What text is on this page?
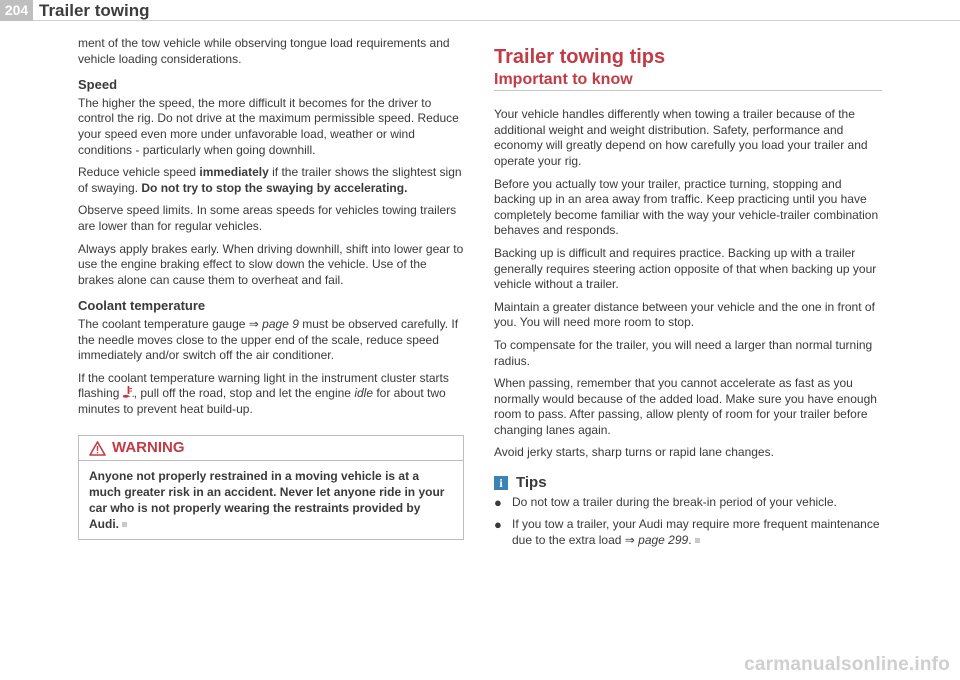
204 Trailer towing

ment of the tow vehicle while observing tongue load requirements and vehicle loading considerations.

Speed

The higher the speed, the more difficult it becomes for the driver to control the rig. Do not drive at the maximum permissible speed. Reduce your speed even more under unfavorable load, weather or wind conditions - particularly when going downhill.

Reduce vehicle speed immediately if the trailer shows the slightest sign of swaying. Do not try to stop the swaying by accelerating.

Observe speed limits. In some areas speeds for vehicles towing trailers are lower than for regular vehicles.

Always apply brakes early. When driving downhill, shift into lower gear to use the engine braking effect to slow down the vehicle. Use of the brakes alone can cause them to overheat and fail.

Coolant temperature

The coolant temperature gauge ⇒ page 9 must be observed carefully. If the needle moves close to the upper end of the scale, reduce speed immediately and/or switch off the air conditioner.

If the coolant temperature warning light in the instrument cluster starts flashing , pull off the road, stop and let the engine idle for about two minutes to prevent heat build-up.

WARNING
Anyone not properly restrained in a moving vehicle is at a much greater risk in an accident. Never let anyone ride in your car who is not properly wearing the restraints provided by Audi.
Trailer towing tips
Important to know

Your vehicle handles differently when towing a trailer because of the additional weight and weight distribution. Safety, performance and economy will greatly depend on how carefully you load your trailer and operate your rig.

Before you actually tow your trailer, practice turning, stopping and backing up in an area away from traffic. Keep practicing until you have completely become familiar with the way your vehicle-trailer combination behaves and responds.

Backing up is difficult and requires practice. Backing up with a trailer generally requires steering action opposite of that when backing up your vehicle without a trailer.

Maintain a greater distance between your vehicle and the one in front of you. You will need more room to stop.

To compensate for the trailer, you will need a larger than normal turning radius.

When passing, remember that you cannot accelerate as fast as you normally would because of the added load. Make sure you have enough room to pass. After passing, allow plenty of room for your trailer before changing lanes again.

Avoid jerky starts, sharp turns or rapid lane changes.

i Tips
● Do not tow a trailer during the break-in period of your vehicle.
● If you tow a trailer, your Audi may require more frequent maintenance due to the extra load ⇒ page 299.
carmanualsonline.info
